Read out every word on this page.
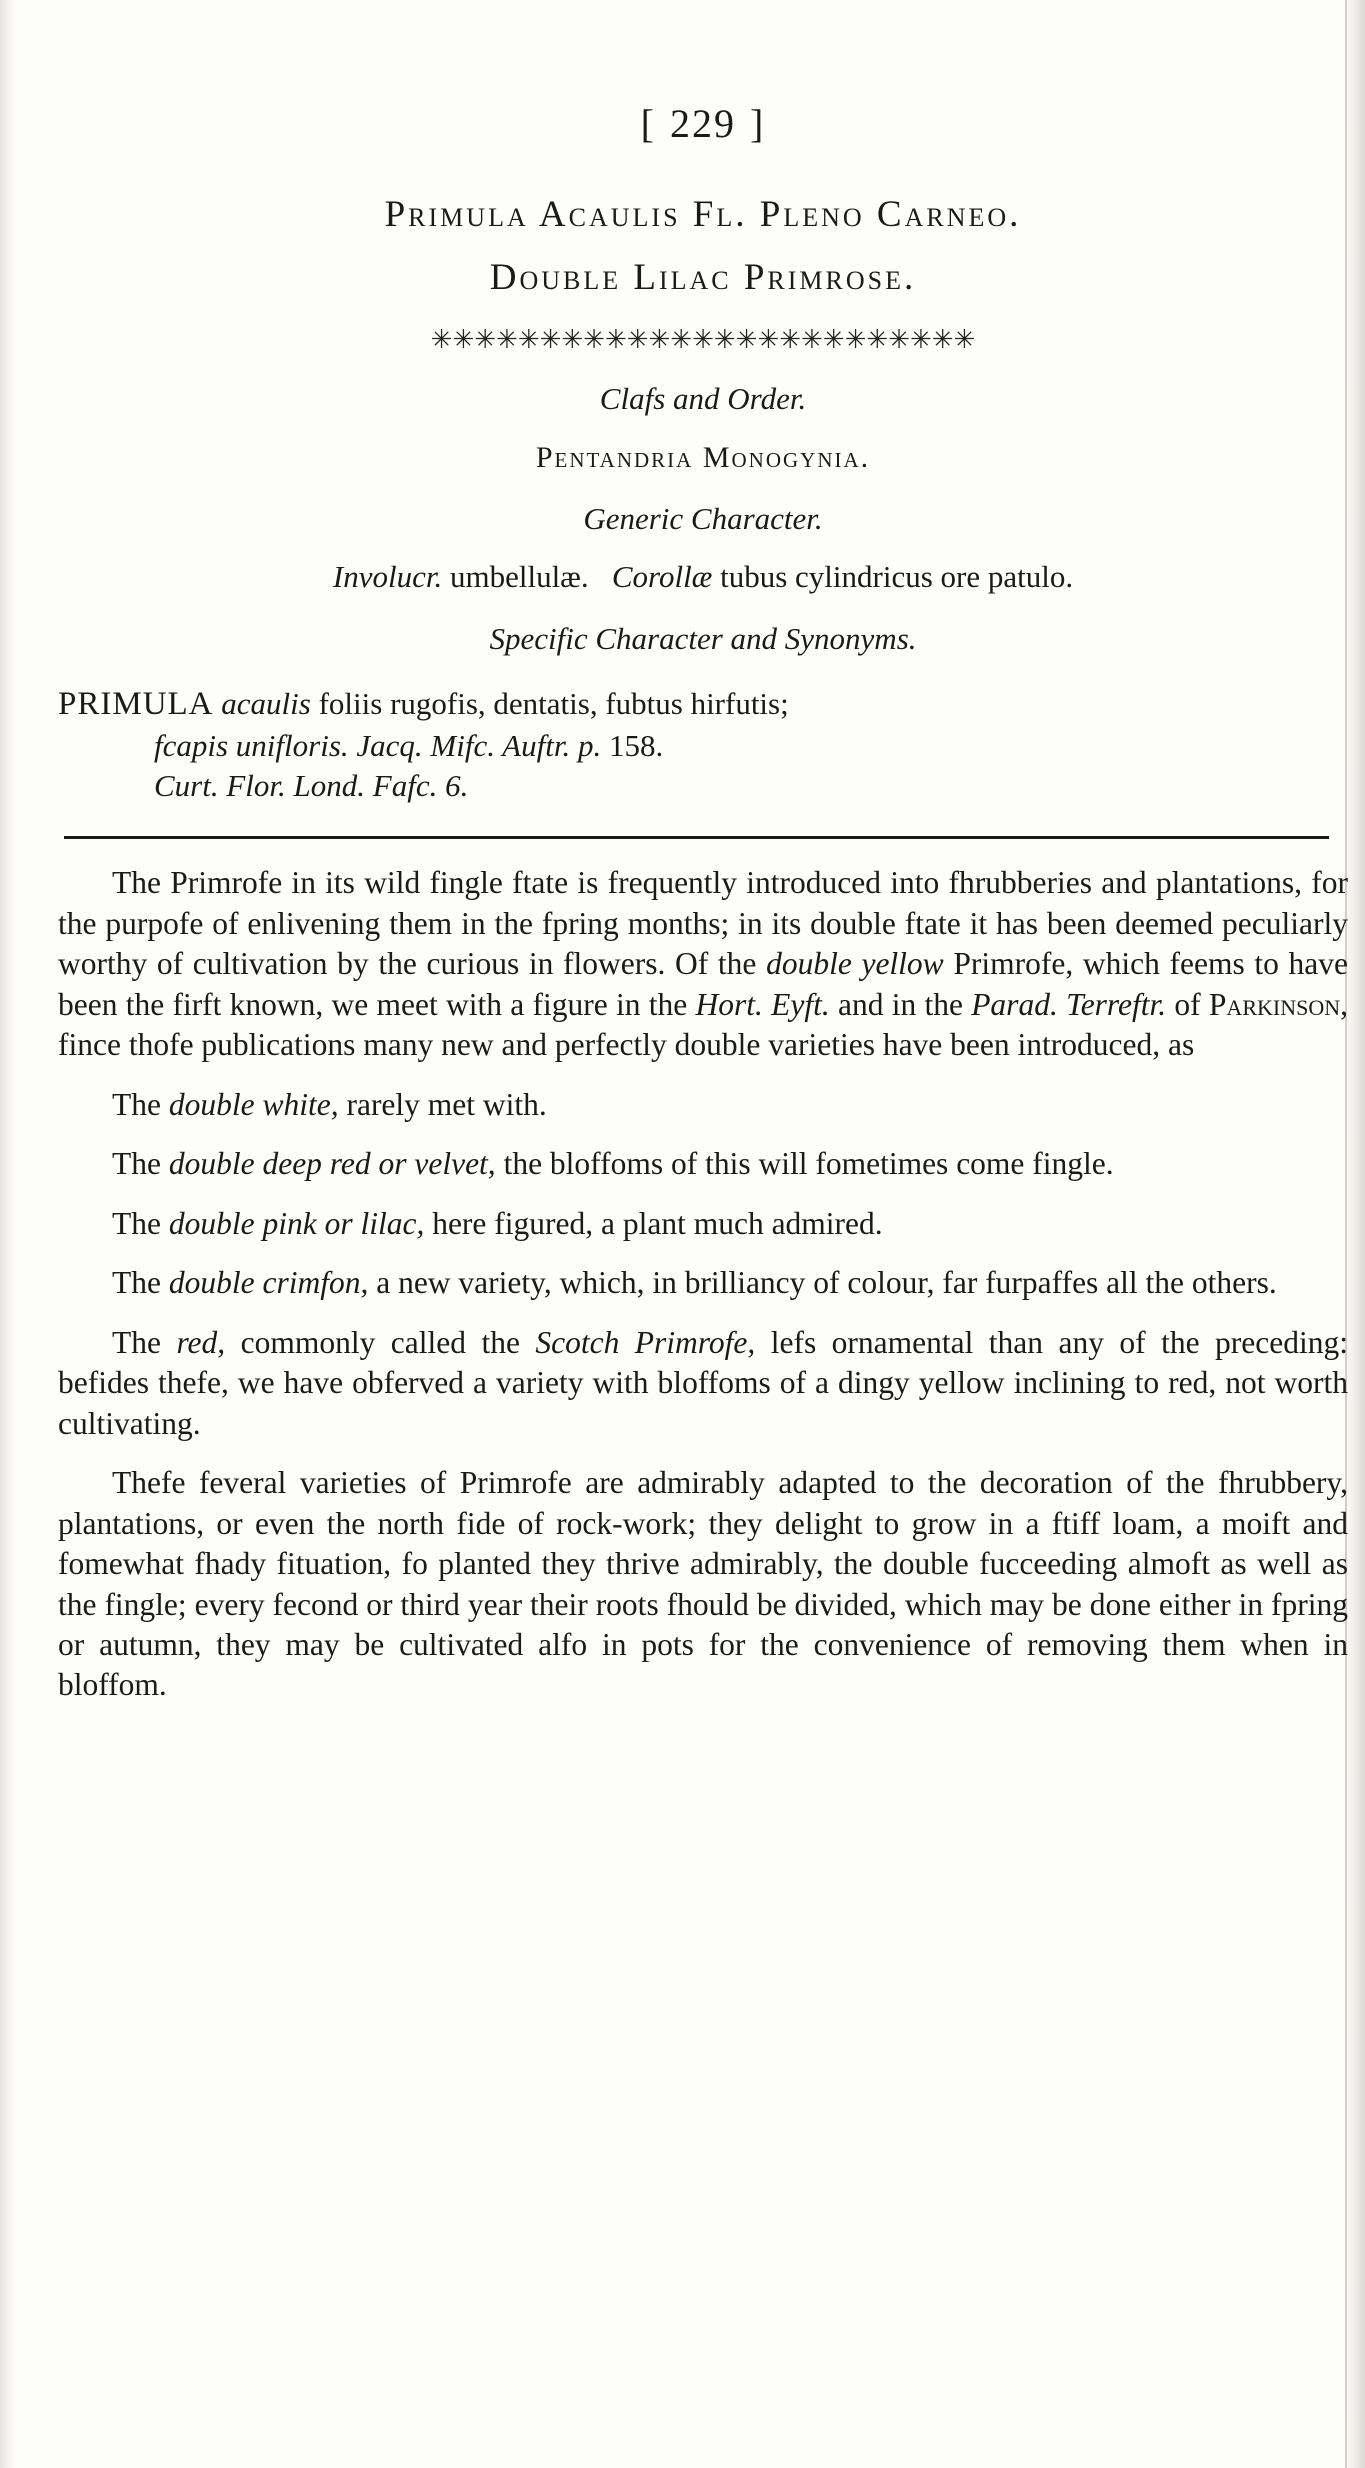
[ 229 ]
Primula Acaulis Fl. Pleno Carneo.
Double Lilac Primrose.
✳✳✳✳✳✳✳✳✳✳✳✳✳✳✳✳✳✳✳✳✳✳✳✳✳
Clafs and Order.
Pentandria Monogynia.
Generic Character.
Involucr. umbellulæ. Corollæ tubus cylindricus ore patulo.
Specific Character and Synonyms.
PRIMULA acaulis foliis rugofis, dentatis, fubtus hirfutis;
fcapis unifloris. Jacq. Mifc. Auftr. p. 158.
Curt. Flor. Lond. Fafc. 6.

The Primrofe in its wild fingle ftate is frequently introduced into fhrubberies and plantations, for the purpofe of enlivening them in the fpring months; in its double ftate it has been deemed peculiarly worthy of cultivation by the curious in flowers. Of the double yellow Primrofe, which feems to have been the firft known, we meet with a figure in the Hort. Eyft. and in the Parad. Terreftr. of Parkinson, fince thofe publications many new and perfectly double varieties have been introduced, as

The double white, rarely met with.

The double deep red or velvet, the bloffoms of this will fometimes come fingle.

The double pink or lilac, here figured, a plant much admired.

The double crimfon, a new variety, which, in brilliancy of colour, far furpaffes all the others.

The red, commonly called the Scotch Primrofe, lefs ornamental than any of the preceding: befides thefe, we have obferved a variety with bloffoms of a dingy yellow inclining to red, not worth cultivating.

Thefe feveral varieties of Primrofe are admirably adapted to the decoration of the fhrubbery, plantations, or even the north fide of rock-work; they delight to grow in a ftiff loam, a moift and fomewhat fhady fituation, fo planted they thrive admirably, the double fucceeding almoft as well as the fingle; every fecond or third year their roots fhould be divided, which may be done either in fpring or autumn, they may be cultivated alfo in pots for the convenience of removing them when in bloffom.
